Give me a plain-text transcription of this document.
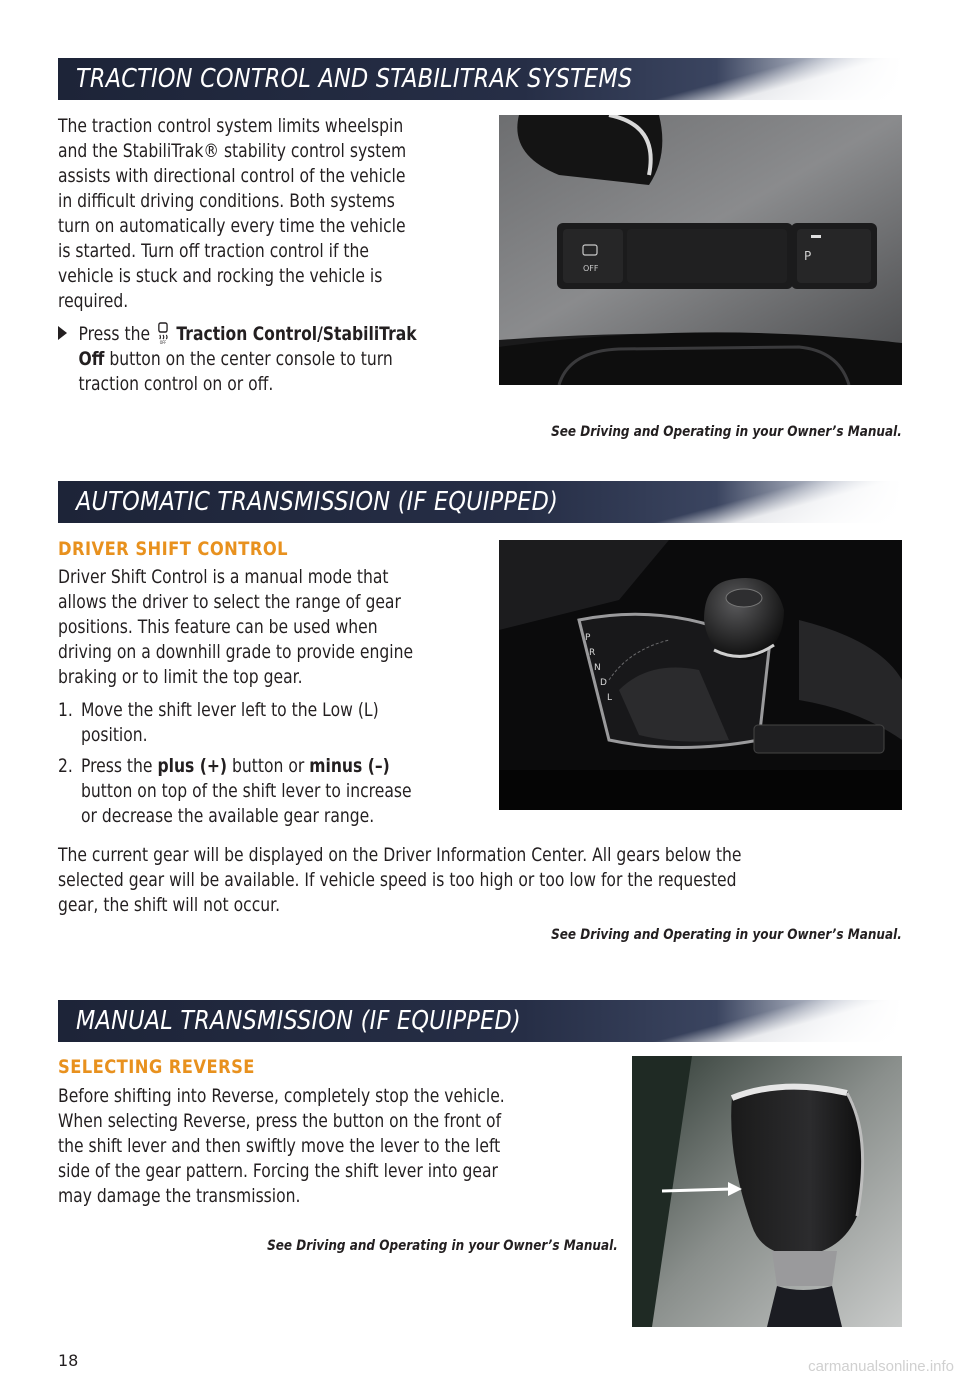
TRACTION CONTROL AND STABILITRAK SYSTEMS
The traction control system limits wheelspin
and the StabiliTrak® stability control system
assists with directional control of the vehicle
in difficult driving conditions. Both systems
turn on automatically every time the vehicle
is started. Turn off traction control if the
vehicle is stuck and rocking the vehicle is
required.
Press the OFF Traction Control/StabiliTrak
Off button on the center console to turn
traction control on or off.
OFF
P
See Driving and Operating in your Owner’s Manual.
AUTOMATIC TRANSMISSION (IF EQUIPPED)
DRIVER SHIFT CONTROL
Driver Shift Control is a manual mode that
allows the driver to select the range of gear
positions. This feature can be used when
driving on a downhill grade to provide engine
braking or to limit the top gear.
1. Move the shift lever left to the Low (L)
position.
2. Press the plus (+) button or minus (–)
button on top of the shift lever to increase
or decrease the available gear range.
P
R
N
D
L
The current gear will be displayed on the Driver Information Center. All gears below the
selected gear will be available. If vehicle speed is too high or too low for the requested
gear, the shift will not occur.
See Driving and Operating in your Owner’s Manual.
MANUAL TRANSMISSION (IF EQUIPPED)
SELECTING REVERSE
Before shifting into Reverse, completely stop the vehicle.
When selecting Reverse, press the button on the front of
the shift lever and then swiftly move the lever to the left
side of the gear pattern. Forcing the shift lever into gear
may damage the transmission.
See Driving and Operating in your Owner’s Manual.
18	carmanualsonline.info
